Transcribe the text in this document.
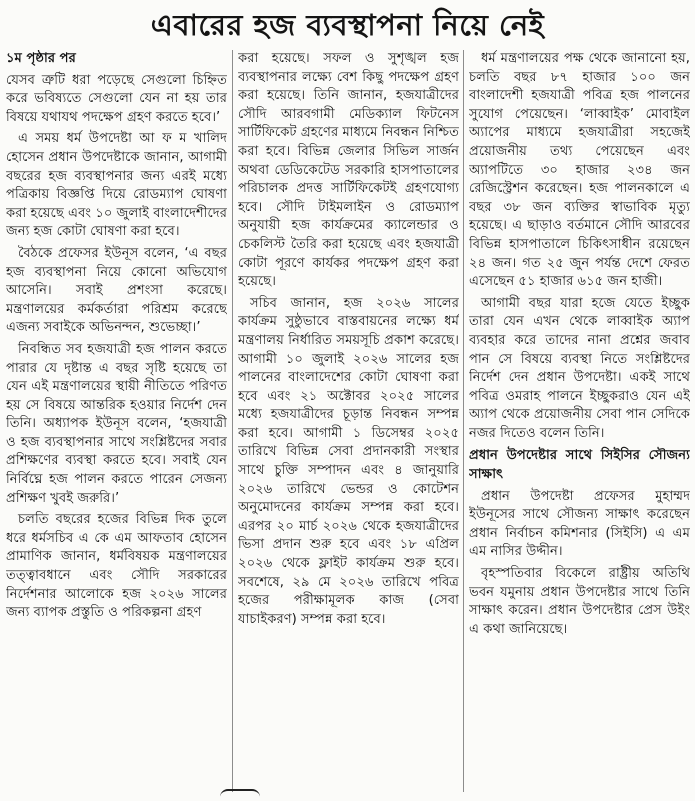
এবারের হজ ব্যবস্থাপনা নিয়ে নেই

১ম পৃষ্ঠার পর

যেসব ত্রুটি ধরা পড়েছে সেগুলো চিহ্নিত করে ভবিষ্যতে সেগুলো যেন না হয় তার বিষয়ে যথাযথ পদক্ষেপ গ্রহণ করতে হবে।’

এ সময় ধর্ম উপদেষ্টা আ ফ ম খালিদ হোসেন প্রধান উপদেষ্টাকে জানান, আগামী বছরের হজ ব্যবস্থাপনার জন্য এরই মধ্যে পত্রিকায় বিজ্ঞপ্তি দিয়ে রোডম্যাপ ঘোষণা করা হয়েছে এবং ১০ জুলাই বাংলাদেশীদের জন্য হজ কোটা ঘোষণা করা হবে।

বৈঠকে প্রফেসর ইউনূস বলেন, ‘এ বছর হজ ব্যবস্থাপনা নিয়ে কোনো অভিযোগ আসেনি। সবাই প্রশংসা করেছে। মন্ত্রণালয়ের কর্মকর্তারা পরিশ্রম করেছে এজন্য সবাইকে অভিনন্দন, শুভেচ্ছা।’

নিবন্ধিত সব হজযাত্রী হজ পালন করতে পারার যে দৃষ্টান্ত এ বছর সৃষ্টি হয়েছে তা যেন এই মন্ত্রণালয়ের স্থায়ী নীতিতে পরিণত হয় সে বিষয়ে আন্তরিক হওয়ার নির্দেশ দেন তিনি। অধ্যাপক ইউনূস বলেন, ‘হজযাত্রী ও হজ ব্যবস্থাপনার সাথে সংশ্লিষ্টদের সবার প্রশিক্ষণের ব্যবস্থা করতে হবে। সবাই যেন নির্বিঘ্নে হজ পালন করতে পারেন সেজন্য প্রশিক্ষণ খুবই জরুরি।’

চলতি বছরের হজের বিভিন্ন দিক তুলে ধরে ধর্মসচিব এ কে এম আফতাব হোসেন প্রামাণিক জানান, ধর্মবিষয়ক মন্ত্রণালয়ের তত্ত্বাবধানে এবং সৌদি সরকারের নির্দেশনার আলোকে হজ ২০২৬ সালের জন্য ব্যাপক প্রস্তুতি ও পরিকল্পনা গ্রহণ

করা হয়েছে। সফল ও সুশৃঙ্খল হজ ব্যবস্থাপনার লক্ষ্যে বেশ কিছু পদক্ষেপ গ্রহণ করা হয়েছে। তিনি জানান, হজযাত্রীদের সৌদি আরবগামী মেডিক্যাল ফিটনেস সার্টিফিকেট গ্রহণের মাধ্যমে নিবন্ধন নিশ্চিত করা হবে। বিভিন্ন জেলার সিভিল সার্জন অথবা ডেডিকেটেড সরকারি হাসপাতালের পরিচালক প্রদত্ত সার্টিফিকেটই গ্রহণযোগ্য হবে। সৌদি টাইমলাইন ও রোডম্যাপ অনুযায়ী হজ কার্যক্রমের ক্যালেন্ডার ও চেকলিস্ট তৈরি করা হয়েছে এবং হজযাত্রী কোটা পূরণে কার্যকর পদক্ষেপ গ্রহণ করা হয়েছে।

সচিব জানান, হজ ২০২৬ সালের কার্যক্রম সুষ্ঠুভাবে বাস্তবায়নের লক্ষ্যে ধর্ম মন্ত্রণালয় নির্ধারিত সময়সূচি প্রকাশ করেছে। আগামী ১০ জুলাই ২০২৬ সালের হজ পালনের বাংলাদেশের কোটা ঘোষণা করা হবে এবং ২১ অক্টোবর ২০২৫ সালের মধ্যে হজযাত্রীদের চূড়ান্ত নিবন্ধন সম্পন্ন করা হবে। আগামী ১ ডিসেম্বর ২০২৫ তারিখে বিভিন্ন সেবা প্রদানকারী সংস্থার সাথে চুক্তি সম্পাদন এবং ৪ জানুয়ারি ২০২৬ তারিখে ভেন্ডর ও কোটেশন অনুমোদনের কার্যক্রম সম্পন্ন করা হবে। এরপর ২০ মার্চ ২০২৬ থেকে হজযাত্রীদের ভিসা প্রদান শুরু হবে এবং ১৮ এপ্রিল ২০২৬ থেকে ফ্লাইট কার্যক্রম শুরু হবে। সবশেষে, ২৯ মে ২০২৬ তারিখে পবিত্র হজের পরীক্ষামূলক কাজ (সেবা যাচাইকরণ) সম্পন্ন করা হবে।

ধর্ম মন্ত্রণালয়ের পক্ষ থেকে জানানো হয়, চলতি বছর ৮৭ হাজার ১০০ জন বাংলাদেশী হজযাত্রী পবিত্র হজ পালনের সুযোগ পেয়েছেন। ‘লাব্বাইক’ মোবাইল অ্যাপের মাধ্যমে হজযাত্রীরা সহজেই প্রয়োজনীয় তথ্য পেয়েছেন এবং অ্যাপটিতে ৩০ হাজার ২৩৪ জন রেজিস্ট্রেশন করেছেন। হজ পালনকালে এ বছর ৩৮ জন ব্যক্তির স্বাভাবিক মৃত্যু হয়েছে। এ ছাড়াও বর্তমানে সৌদি আরবের বিভিন্ন হাসপাতালে চিকিৎসাধীন রয়েছেন ২৪ জন। গত ২৫ জুন পর্যন্ত দেশে ফেরত এসেছেন ৫১ হাজার ৬১৫ জন হাজী।

আগামী বছর যারা হজে যেতে ইচ্ছুক তারা যেন এখন থেকে লাব্বাইক অ্যাপ ব্যবহার করে তাদের নানা প্রশ্নের জবাব পান সে বিষয়ে ব্যবস্থা নিতে সংশ্লিষ্টদের নির্দেশ দেন প্রধান উপদেষ্টা। একই সাথে পবিত্র ওমরাহ পালনে ইচ্ছুকরাও যেন এই অ্যাপ থেকে প্রয়োজনীয় সেবা পান সেদিকে নজর দিতেও বলেন তিনি।

প্রধান উপদেষ্টার সাথে সিইসির সৌজন্য সাক্ষাৎ

প্রধান উপদেষ্টা প্রফেসর মুহাম্মদ ইউনূসের সাথে সৌজন্য সাক্ষাৎ করেছেন প্রধান নির্বাচন কমিশনার (সিইসি) এ এম এম নাসির উদ্দীন।

বৃহস্পতিবার বিকেলে রাষ্ট্রীয় অতিথি ভবন যমুনায় প্রধান উপদেষ্টার সাথে তিনি সাক্ষাৎ করেন। প্রধান উপদেষ্টার প্রেস উইং এ কথা জানিয়েছে।
